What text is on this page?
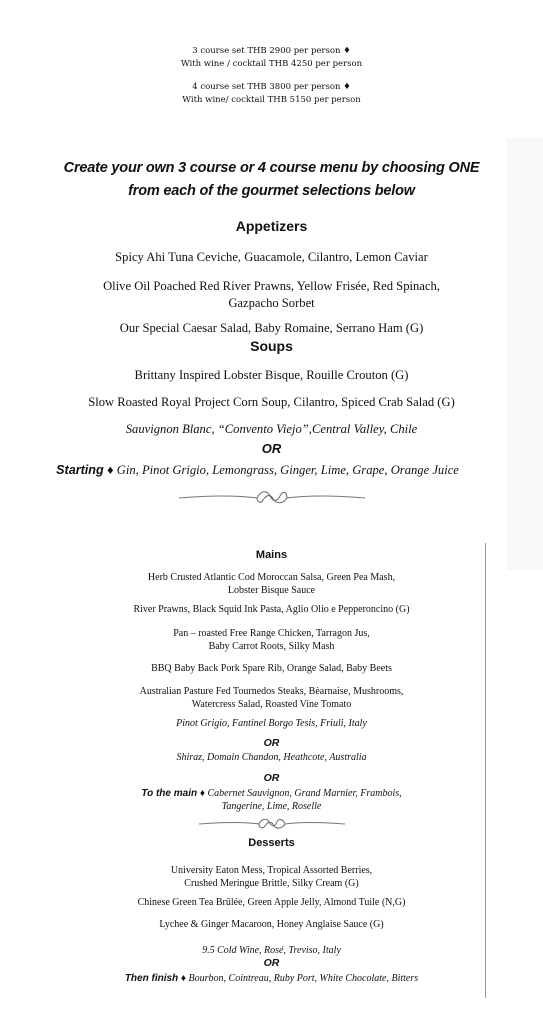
3 course set THB 2900 per person ♦
With wine / cocktail THB 4250 per person
4 course set THB 3800 per person ♦
With wine/ cocktail THB 5150 per person
Create your own 3 course or 4 course menu by choosing ONE
from each of the gourmet selections below
Appetizers
Spicy Ahi Tuna Ceviche, Guacamole, Cilantro, Lemon Caviar
Olive Oil Poached Red River Prawns, Yellow Frisée, Red Spinach,
Gazpacho Sorbet
Our Special Caesar Salad, Baby Romaine, Serrano Ham (G)
Soups
Brittany Inspired Lobster Bisque, Rouille Crouton (G)
Slow Roasted Royal Project Corn Soup, Cilantro, Spiced Crab Salad (G)
Sauvignon Blanc, “Convento Viejo”,Central Valley, Chile
OR
Starting ♦ Gin, Pinot Grigio, Lemongrass, Ginger, Lime, Grape, Orange Juice
Mains
Herb Crusted Atlantic Cod Moroccan Salsa, Green Pea Mash,
Lobster Bisque Sauce
River Prawns, Black Squid Ink Pasta, Aglio Olio e Pepperoncino (G)
Pan – roasted Free Range Chicken, Tarragon Jus,
Baby Carrot Roots, Silky Mash
BBQ Baby Back Pork Spare Rib, Orange Salad, Baby Beets
Australian Pasture Fed Tournedos Steaks, Bèarnaise, Mushrooms,
Watercress Salad, Roasted Vine Tomato
Pinot Grigio, Fantinel Borgo Tesis, Friuli, Italy
OR
Shiraz, Domain Chandon, Heathcote, Australia
OR
To the main ♦ Cabernet Sauvignon, Grand Marnier, Frambois,
Tangerine, Lime, Roselle
Desserts
University Eaton Mess, Tropical Assorted Berries,
Crushed Meringue Brittle, Silky Cream (G)
Chinese Green Tea Brûlée, Green Apple Jelly, Almond Tuile (N,G)
Lychee & Ginger Macaroon, Honey Anglaise Sauce (G)
9.5 Cold Wine, Rosé, Treviso, Italy
OR
Then finish ♦ Bourbon, Cointreau, Ruby Port, White Chocolate, Bitters
